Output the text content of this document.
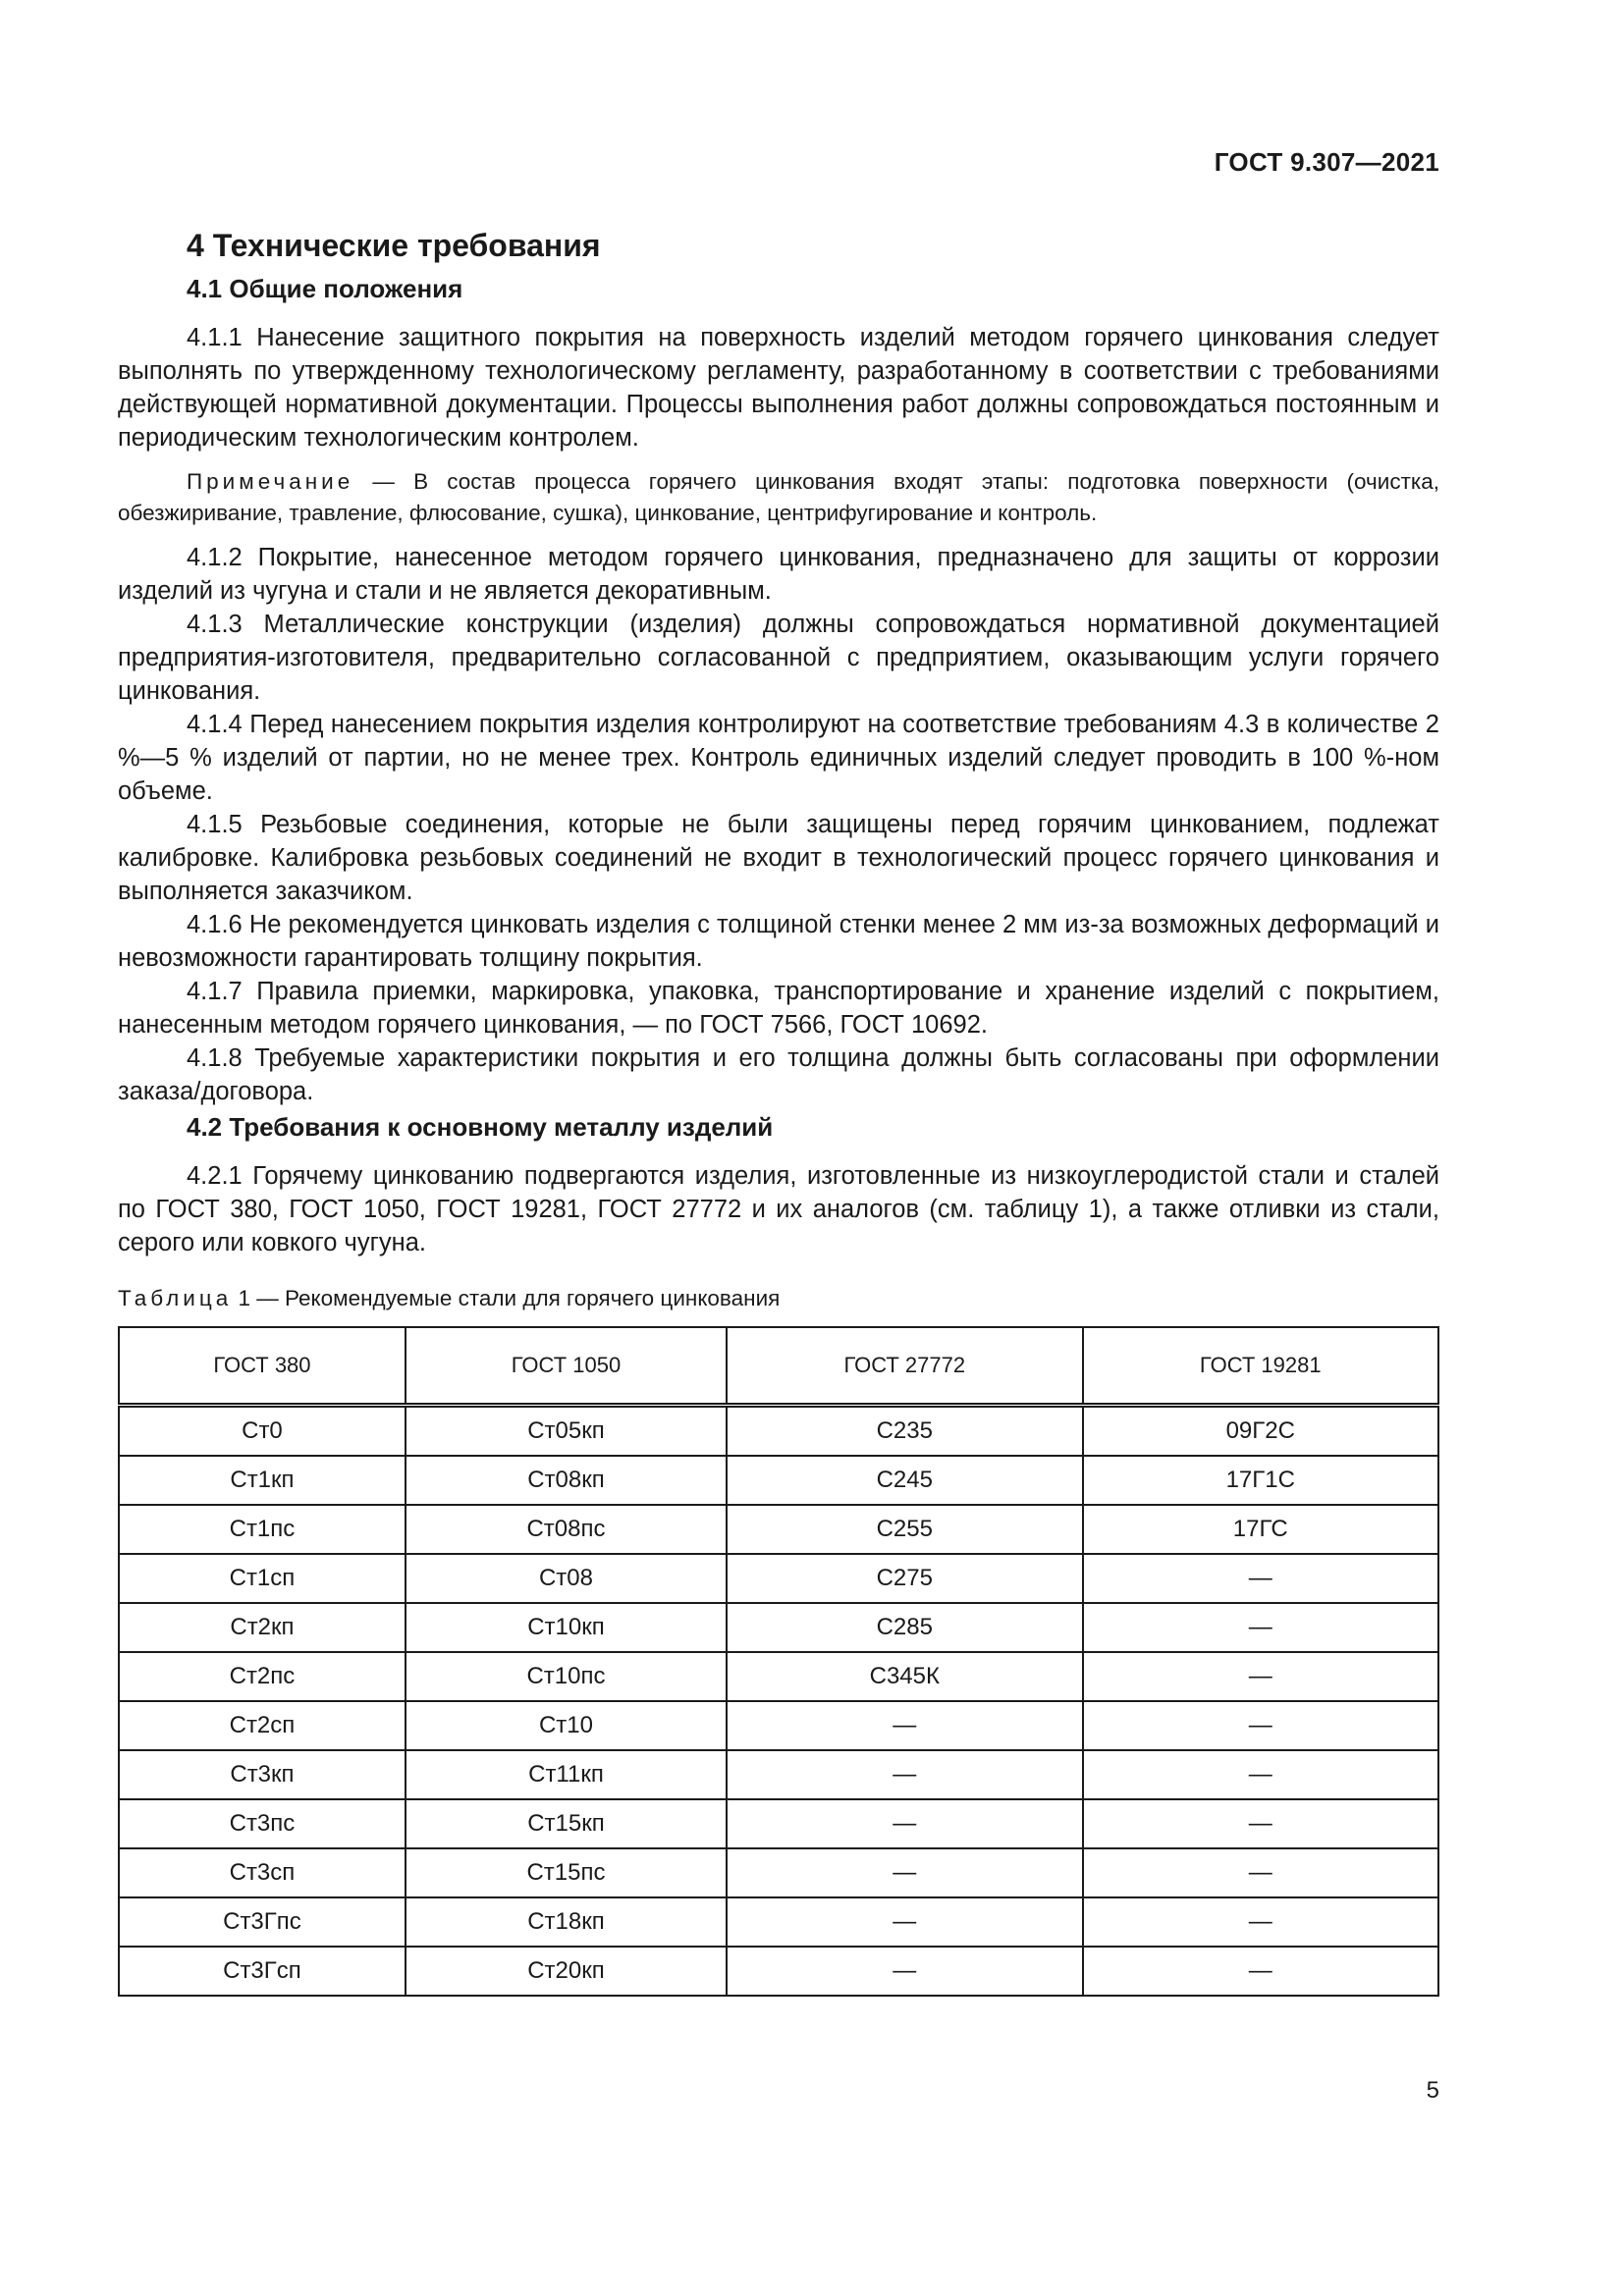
ГОСТ 9.307—2021
4 Технические требования
4.1 Общие положения

4.1.1 Нанесение защитного покрытия на поверхность изделий методом горячего цинкования следует выполнять по утвержденному технологическому регламенту, разработанному в соответствии с требованиями действующей нормативной документации. Процессы выполнения работ должны сопровождаться постоянным и периодическим технологическим контролем.

Примечание — В состав процесса горячего цинкования входят этапы: подготовка поверхности (очистка, обезжиривание, травление, флюсование, сушка), цинкование, центрифугирование и контроль.

4.1.2 Покрытие, нанесенное методом горячего цинкования, предназначено для защиты от коррозии изделий из чугуна и стали и не является декоративным.

4.1.3 Металлические конструкции (изделия) должны сопровождаться нормативной документацией предприятия-изготовителя, предварительно согласованной с предприятием, оказывающим услуги горячего цинкования.

4.1.4 Перед нанесением покрытия изделия контролируют на соответствие требованиям 4.3 в количестве 2 %—5 % изделий от партии, но не менее трех. Контроль единичных изделий следует проводить в 100 %-ном объеме.

4.1.5 Резьбовые соединения, которые не были защищены перед горячим цинкованием, подлежат калибровке. Калибровка резьбовых соединений не входит в технологический процесс горячего цинкования и выполняется заказчиком.

4.1.6 Не рекомендуется цинковать изделия с толщиной стенки менее 2 мм из-за возможных деформаций и невозможности гарантировать толщину покрытия.

4.1.7 Правила приемки, маркировка, упаковка, транспортирование и хранение изделий с покрытием, нанесенным методом горячего цинкования, — по ГОСТ 7566, ГОСТ 10692.

4.1.8 Требуемые характеристики покрытия и его толщина должны быть согласованы при оформлении заказа/договора.

4.2 Требования к основному металлу изделий

4.2.1 Горячему цинкованию подвергаются изделия, изготовленные из низкоуглеродистой стали и сталей по ГОСТ 380, ГОСТ 1050, ГОСТ 19281, ГОСТ 27772 и их аналогов (см. таблицу 1), а также отливки из стали, серого или ковкого чугуна.

Таблица 1 — Рекомендуемые стали для горячего цинкования
ГОСТ 380	ГОСТ 1050	ГОСТ 27772	ГОСТ 19281
Ст0	Ст05кп	С235	09Г2С
Ст1кп	Ст08кп	С245	17Г1С
Ст1пс	Ст08пс	С255	17ГС
Ст1сп	Ст08	С275	—
Ст2кп	Ст10кп	С285	—
Ст2пс	Ст10пс	С345К	—
Ст2сп	Ст10	—	—
Ст3кп	Ст11кп	—	—
Ст3пс	Ст15кп	—	—
Ст3сп	Ст15пс	—	—
Ст3Гпс	Ст18кп	—	—
Ст3Гсп	Ст20кп	—	—
5
